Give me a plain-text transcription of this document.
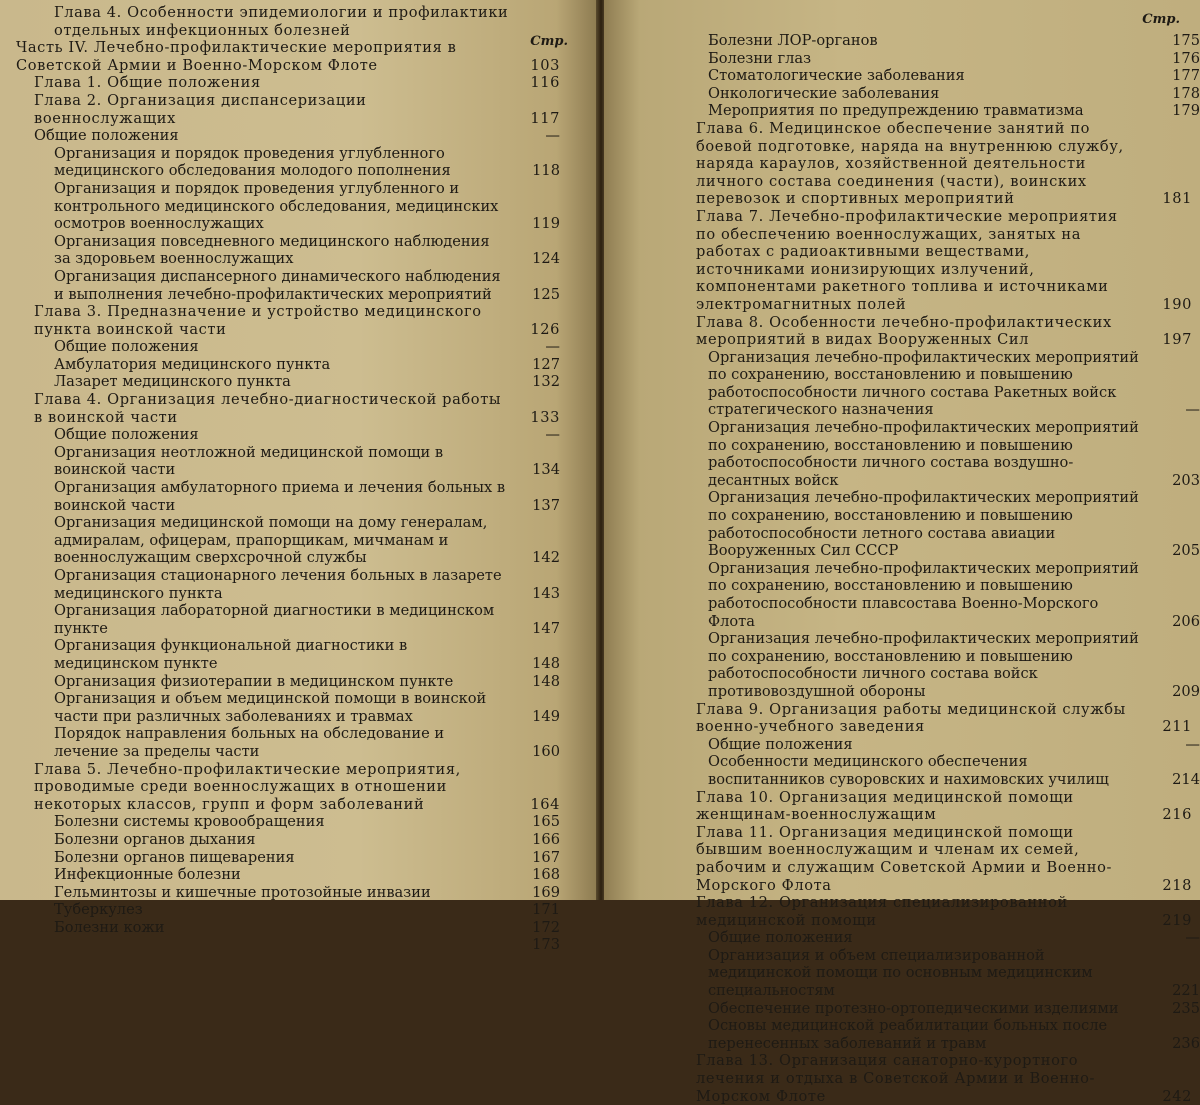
Стр.
Глава 4. Особенности эпидемиологии и профилактики отдельных инфекционных болезней
Часть IV. Лечебно-профилактические мероприятия в Советской Армии и Военно-Морском Флоте	103
Глава 1. Общие положения	116
Глава 2. Организация диспансеризации военнослужащих	117
Общие положения	—
Организация и порядок проведения углубленного медицинского обследования молодого пополнения	118
Организация и порядок проведения углубленного и контрольного медицинского обследования, медицинских осмотров военнослужащих	119
Организация повседневного медицинского наблюдения за здоровьем военнослужащих	124
Организация диспансерного динамического наблюдения и выполнения лечебно-профилактических мероприятий	125
Глава 3. Предназначение и устройство медицинского пункта воинской части	126
Общие положения	—
Амбулатория медицинского пункта	127
Лазарет медицинского пункта	132
Глава 4. Организация лечебно-диагностической работы в воинской части	133
Общие положения	—
Организация неотложной медицинской помощи в воинской части	134
Организация амбулаторного приема и лечения больных в воинской части	137
Организация медицинской помощи на дому генералам, адмиралам, офицерам, прапорщикам, мичманам и военнослужащим сверхсрочной службы	142
Организация стационарного лечения больных в лазарете медицинского пункта	143
Организация лабораторной диагностики в медицинском пункте	147
Организация функциональной диагностики в медицинском пункте	148
Организация физиотерапии в медицинском пункте	148
Организация и объем медицинской помощи в воинской части при различных заболеваниях и травмах	149
Порядок направления больных на обследование и лечение за пределы части	160
Глава 5. Лечебно-профилактические мероприятия, проводимые среди военнослужащих в отношении некоторых классов, групп и форм заболеваний	164
Болезни системы кровообращения	165
Болезни органов дыхания	166
Болезни органов пищеварения	167
Инфекционные болезни	168
Гельминтозы и кишечные протозойные инвазии	169
Туберкулез	171
Болезни кожи	172
173
Стр.
Болезни ЛОР-органов	175
Болезни глаз	176
Стоматологические заболевания	177
Онкологические заболевания	178
Мероприятия по предупреждению травматизма	179
Глава 6. Медицинское обеспечение занятий по боевой подготовке, наряда на внутреннюю службу, наряда караулов, хозяйственной деятельности личного состава соединения (части), воинских перевозок и спортивных мероприятий	181
Глава 7. Лечебно-профилактические мероприятия по обеспечению военнослужащих, занятых на работах с радиоактивными веществами, источниками ионизирующих излучений, компонентами ракетного топлива и источниками электромагнитных полей	190
Глава 8. Особенности лечебно-профилактических мероприятий в видах Вооруженных Сил	197
Организация лечебно-профилактических мероприятий по сохранению, восстановлению и повышению работоспособности личного состава Ракетных войск стратегического назначения	—
Организация лечебно-профилактических мероприятий по сохранению, восстановлению и повышению работоспособности личного состава воздушно-десантных войск	203
Организация лечебно-профилактических мероприятий по сохранению, восстановлению и повышению работоспособности летного состава авиации Вооруженных Сил СССР	205
Организация лечебно-профилактических мероприятий по сохранению, восстановлению и повышению работоспособности плавсостава Военно-Морского Флота	206
Организация лечебно-профилактических мероприятий по сохранению, восстановлению и повышению работоспособности личного состава войск противовоздушной обороны	209
Глава 9. Организация работы медицинской службы военно-учебного заведения	211
Общие положения	—
Особенности медицинского обеспечения воспитанников суворовских и нахимовских училищ	214
Глава 10. Организация медицинской помощи женщинам-военнослужащим	216
Глава 11. Организация медицинской помощи бывшим военнослужащим и членам их семей, рабочим и служащим Советской Армии и Военно-Морского Флота	218
Глава 12. Организация специализированной медицинской помощи	219
Общие положения	—
Организация и объем специализированной медицинской помощи по основным медицинским специальностям	221
Обеспечение протезно-ортопедическими изделиями	235
Основы медицинской реабилитации больных после перенесенных заболеваний и травм	236
Глава 13. Организация санаторно-курортного лечения и отдыха в Советской Армии и Военно-Морском Флоте	242
